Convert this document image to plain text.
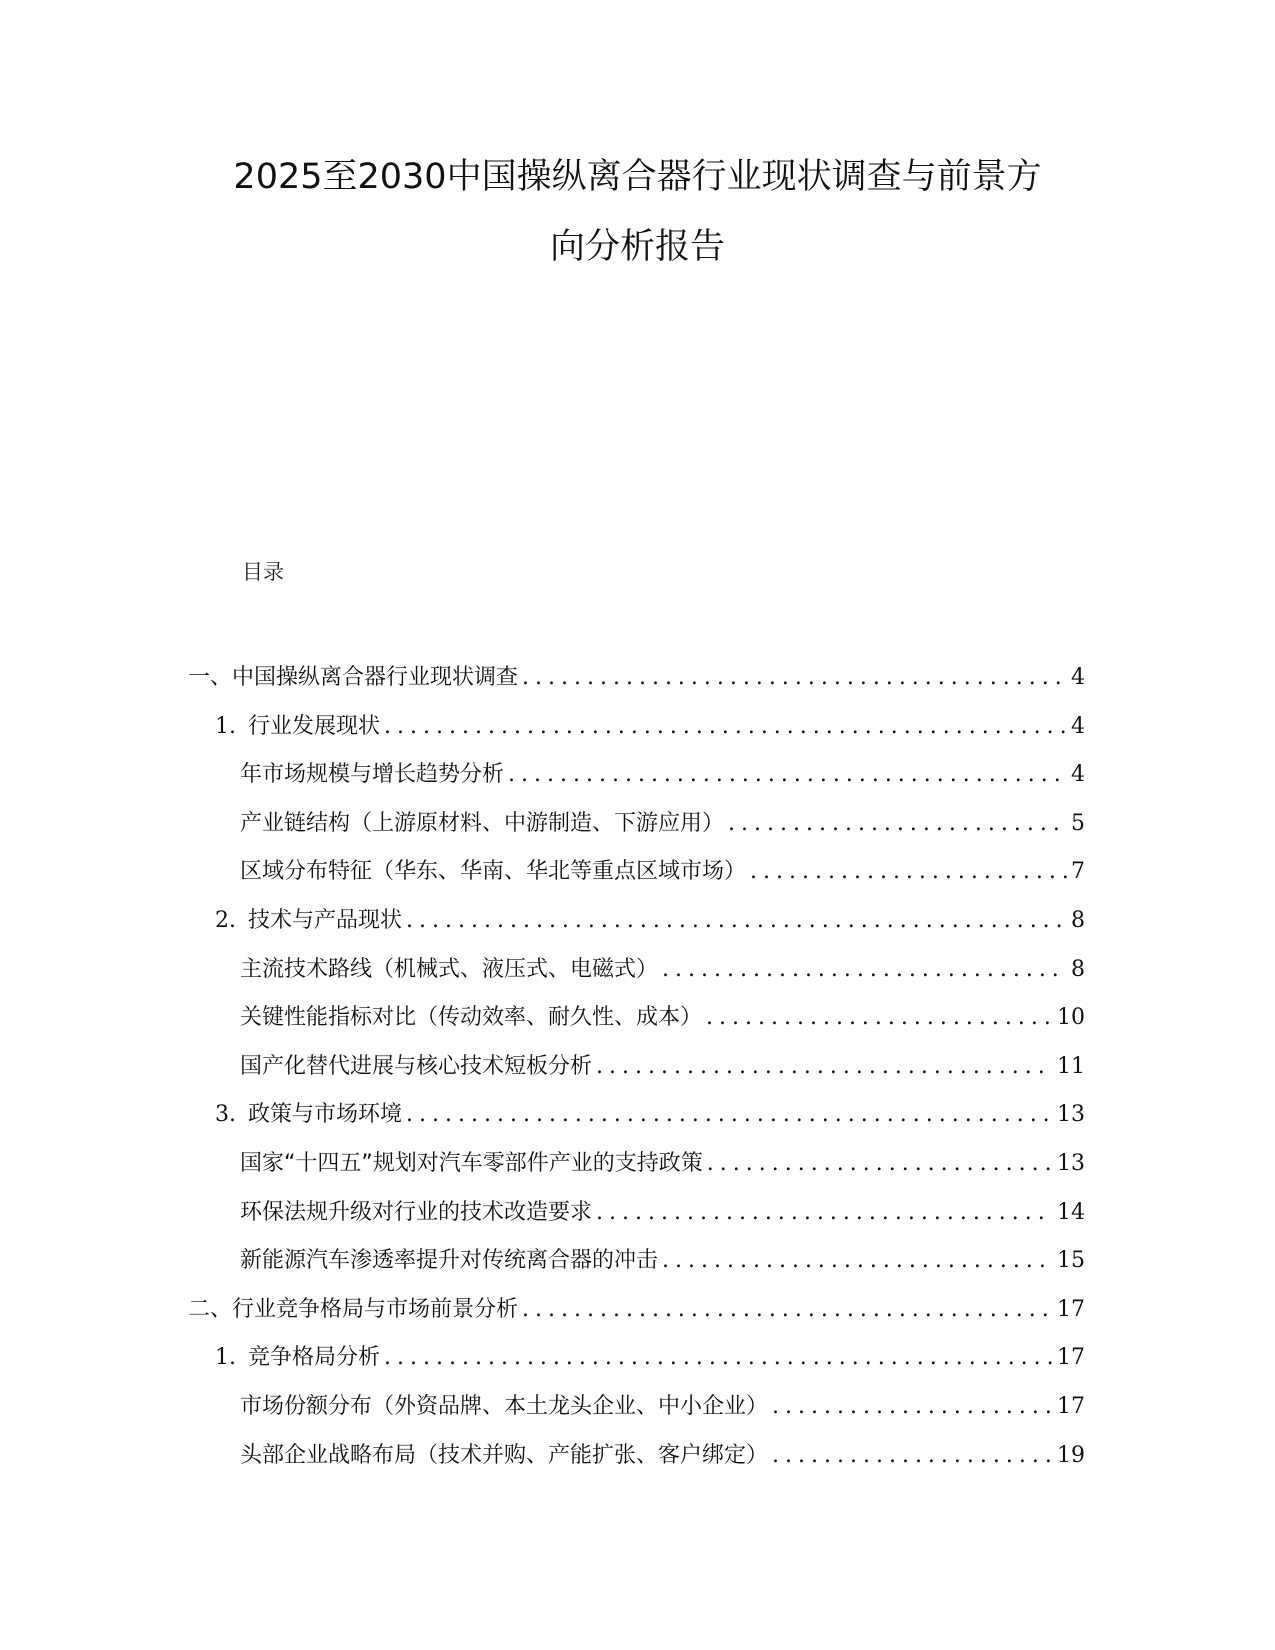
2025至2030中国操纵离合器行业现状调查与前景方
向分析报告
目录
一、中国操纵离合器行业现状调查 .....	4
1. 行业发展现状 .....	4
年市场规模与增长趋势分析 .....	4
产业链结构（上游原材料、中游制造、下游应用） .....	5
区域分布特征（华东、华南、华北等重点区域市场） .....	7
2. 技术与产品现状 .....	8
主流技术路线（机械式、液压式、电磁式） .....	8
关键性能指标对比（传动效率、耐久性、成本） .....	10
国产化替代进展与核心技术短板分析 .....	11
3. 政策与市场环境 .....	13
国家“十四五”规划对汽车零部件产业的支持政策 .....	13
环保法规升级对行业的技术改造要求 .....	14
新能源汽车渗透率提升对传统离合器的冲击 .....	15
二、行业竞争格局与市场前景分析 .....	17
1. 竞争格局分析 .....	17
市场份额分布（外资品牌、本土龙头企业、中小企业） .....	17
头部企业战略布局（技术并购、产能扩张、客户绑定） .....	19
